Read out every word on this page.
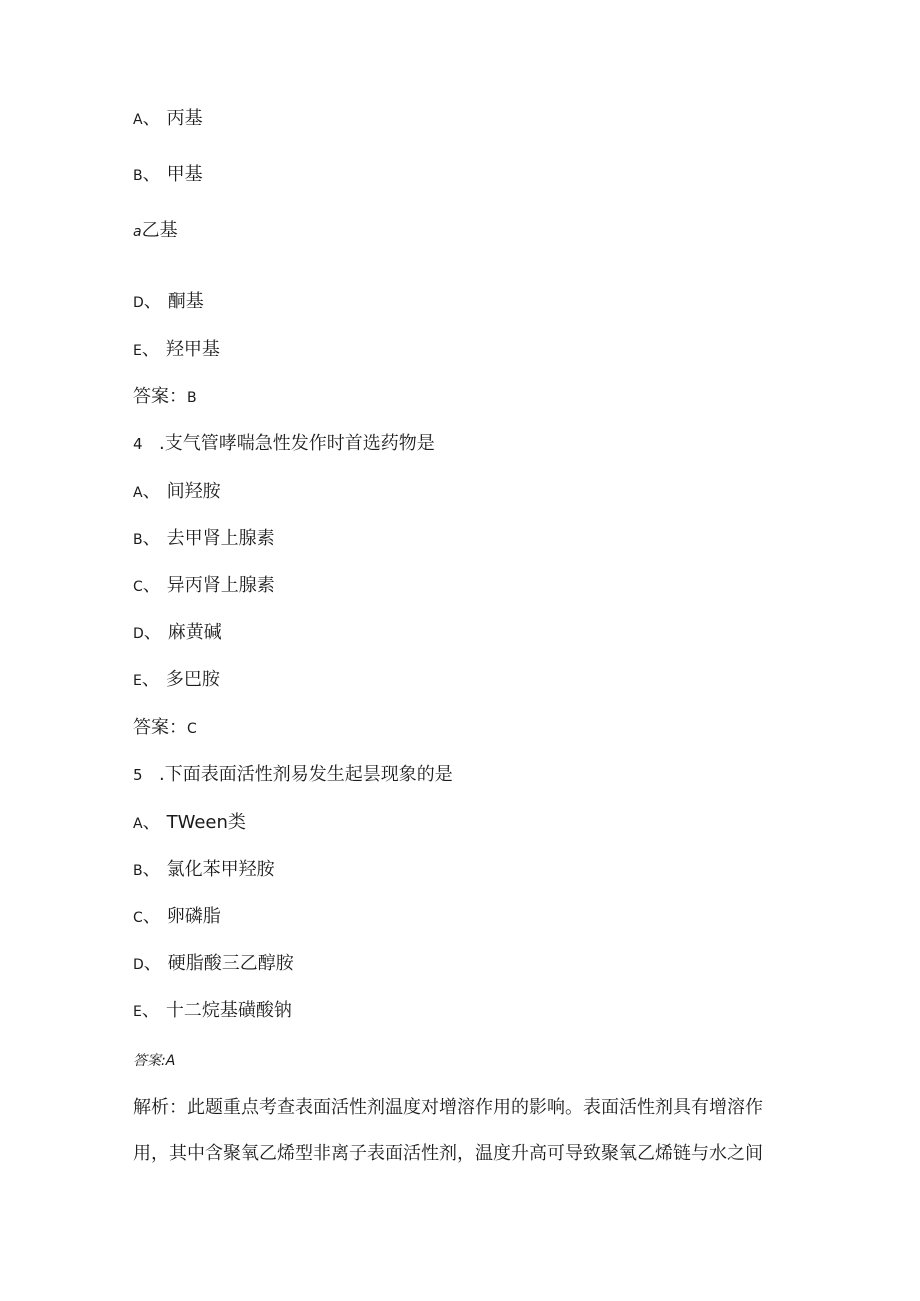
A、 丙基
B、 甲基
a乙基
D、 酮基
E、 羟甲基
答案：B
4 .支气管哮喘急性发作时首选药物是
A、 间羟胺
B、 去甲肾上腺素
C、 异丙肾上腺素
D、 麻黄碱
E、 多巴胺
答案：C
5 .下面表面活性剂易发生起昙现象的是
A、 TWeen类
B、 氯化苯甲羟胺
C、 卵磷脂
D、 硬脂酸三乙醇胺
E、 十二烷基磺酸钠
答案:A
解析：此题重点考查表面活性剂温度对增溶作用的影响。表面活性剂具有增溶作
用，其中含聚氧乙烯型非离子表面活性剂，温度升高可导致聚氧乙烯链与水之间
